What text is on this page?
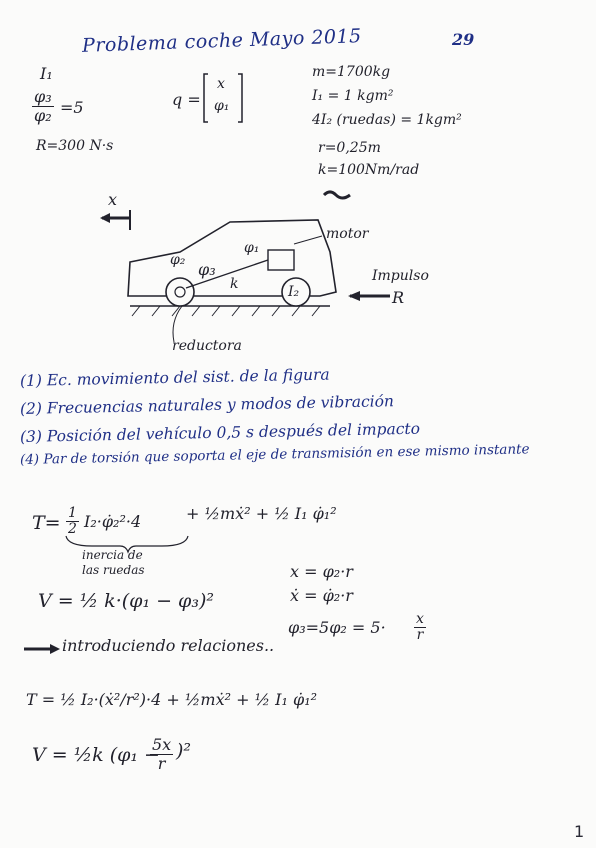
Problema coche Mayo 2015	29
I₁
$\frac{\text{φ₃}}{\text{φ₂}} =5$
R=300 N·s
q =
x
φ₁
m=1700kg
I₁ = 1 kgm²
4I₂ (ruedas) = 1kgm²
r=0,25m
k=100Nm/rad
x
motor
Impulso
R
reductora
φ₁
φ₂ φ₃
k	I₂
(1) Ec. movimiento del sist. de la figura
(2) Frecuencias naturales y modos de vibración
(3) Posición del vehículo 0,5 s después del impacto
(4) Par de torsión que soporta el eje de transmisión en ese mismo instante
$T= \frac{1}{2}$ I₂·φ̇₂²·4	+ ½mẋ² + ½ I₁ φ̇₁²
inercia de las ruedas
V = ½ k·(φ₁ − φ₃)²
x = φ₂·r
ẋ = φ̇₂·r
$\varphi_3=5\varphi_2 = 5\cdot \frac{x}{r}$
introduciendo relaciones..
T = ½ I₂·(ẋ²/r²)·4 + ½mẋ² + ½ I₁ φ̇₁²
V = ½k (φ₁ −
$\frac{5x}{r} )^2$
1
